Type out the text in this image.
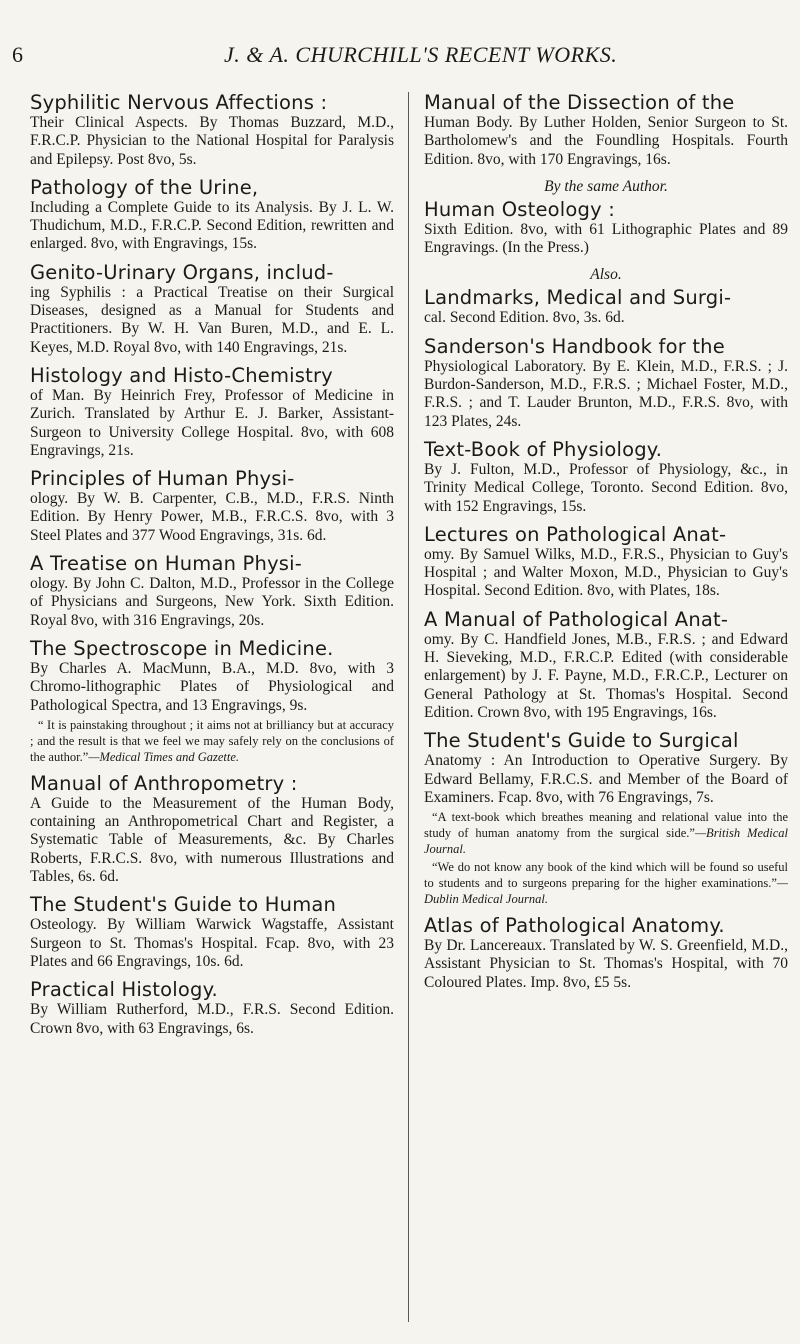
6	J. & A. CHURCHILL'S RECENT WORKS.
Syphilitic Nervous Affections :

Their Clinical Aspects. By Thomas Buzzard, M.D., F.R.C.P. Physician to the National Hospital for Paralysis and Epilepsy. Post 8vo, 5s.

Pathology of the Urine,

Including a Complete Guide to its Analysis. By J. L. W. Thudichum, M.D., F.R.C.P. Second Edition, rewritten and enlarged. 8vo, with Engravings, 15s.

Genito-Urinary Organs, includ-

ing Syphilis : a Practical Treatise on their Surgical Diseases, designed as a Manual for Students and Practitioners. By W. H. Van Buren, M.D., and E. L. Keyes, M.D. Royal 8vo, with 140 Engravings, 21s.

Histology and Histo-Chemistry

of Man. By Heinrich Frey, Professor of Medicine in Zurich. Translated by Arthur E. J. Barker, Assistant-Surgeon to University College Hospital. 8vo, with 608 Engravings, 21s.

Principles of Human Physi-

ology. By W. B. Carpenter, C.B., M.D., F.R.S. Ninth Edition. By Henry Power, M.B., F.R.C.S. 8vo, with 3 Steel Plates and 377 Wood Engravings, 31s. 6d.

A Treatise on Human Physi-

ology. By John C. Dalton, M.D., Professor in the College of Physicians and Surgeons, New York. Sixth Edition. Royal 8vo, with 316 Engravings, 20s.

The Spectroscope in Medicine.

By Charles A. MacMunn, B.A., M.D. 8vo, with 3 Chromo-lithographic Plates of Physiological and Pathological Spectra, and 13 Engravings, 9s.

“ It is painstaking throughout ; it aims not at brilliancy but at accuracy ; and the result is that we feel we may safely rely on the conclusions of the author.”—Medical Times and Gazette.

Manual of Anthropometry :

A Guide to the Measurement of the Human Body, containing an Anthropometrical Chart and Register, a Systematic Table of Measurements, &c. By Charles Roberts, F.R.C.S. 8vo, with numerous Illustrations and Tables, 6s. 6d.

The Student's Guide to Human

Osteology. By William Warwick Wagstaffe, Assistant Surgeon to St. Thomas's Hospital. Fcap. 8vo, with 23 Plates and 66 Engravings, 10s. 6d.

Practical Histology.

By William Rutherford, M.D., F.R.S. Second Edition. Crown 8vo, with 63 Engravings, 6s.

Manual of the Dissection of the

Human Body. By Luther Holden, Senior Surgeon to St. Bartholomew's and the Foundling Hospitals. Fourth Edition. 8vo, with 170 Engravings, 16s.

By the same Author.

Human Osteology :

Sixth Edition. 8vo, with 61 Lithographic Plates and 89 Engravings. (In the Press.)

Also.

Landmarks, Medical and Surgi-

cal. Second Edition. 8vo, 3s. 6d.

Sanderson's Handbook for the

Physiological Laboratory. By E. Klein, M.D., F.R.S. ; J. Burdon-Sanderson, M.D., F.R.S. ; Michael Foster, M.D., F.R.S. ; and T. Lauder Brunton, M.D., F.R.S. 8vo, with 123 Plates, 24s.

Text-Book of Physiology.

By J. Fulton, M.D., Professor of Physiology, &c., in Trinity Medical College, Toronto. Second Edition. 8vo, with 152 Engravings, 15s.

Lectures on Pathological Anat-

omy. By Samuel Wilks, M.D., F.R.S., Physician to Guy's Hospital ; and Walter Moxon, M.D., Physician to Guy's Hospital. Second Edition. 8vo, with Plates, 18s.

A Manual of Pathological Anat-

omy. By C. Handfield Jones, M.B., F.R.S. ; and Edward H. Sieveking, M.D., F.R.C.P. Edited (with considerable enlargement) by J. F. Payne, M.D., F.R.C.P., Lecturer on General Pathology at St. Thomas's Hospital. Second Edition. Crown 8vo, with 195 Engravings, 16s.

The Student's Guide to Surgical

Anatomy : An Introduction to Operative Surgery. By Edward Bellamy, F.R.C.S. and Member of the Board of Examiners. Fcap. 8vo, with 76 Engravings, 7s.

“A text-book which breathes meaning and relational value into the study of human anatomy from the surgical side.”—British Medical Journal.

“We do not know any book of the kind which will be found so useful to students and to surgeons preparing for the higher examinations.”—Dublin Medical Journal.

Atlas of Pathological Anatomy.

By Dr. Lancereaux. Translated by W. S. Greenfield, M.D., Assistant Physician to St. Thomas's Hospital, with 70 Coloured Plates. Imp. 8vo, £5 5s.
